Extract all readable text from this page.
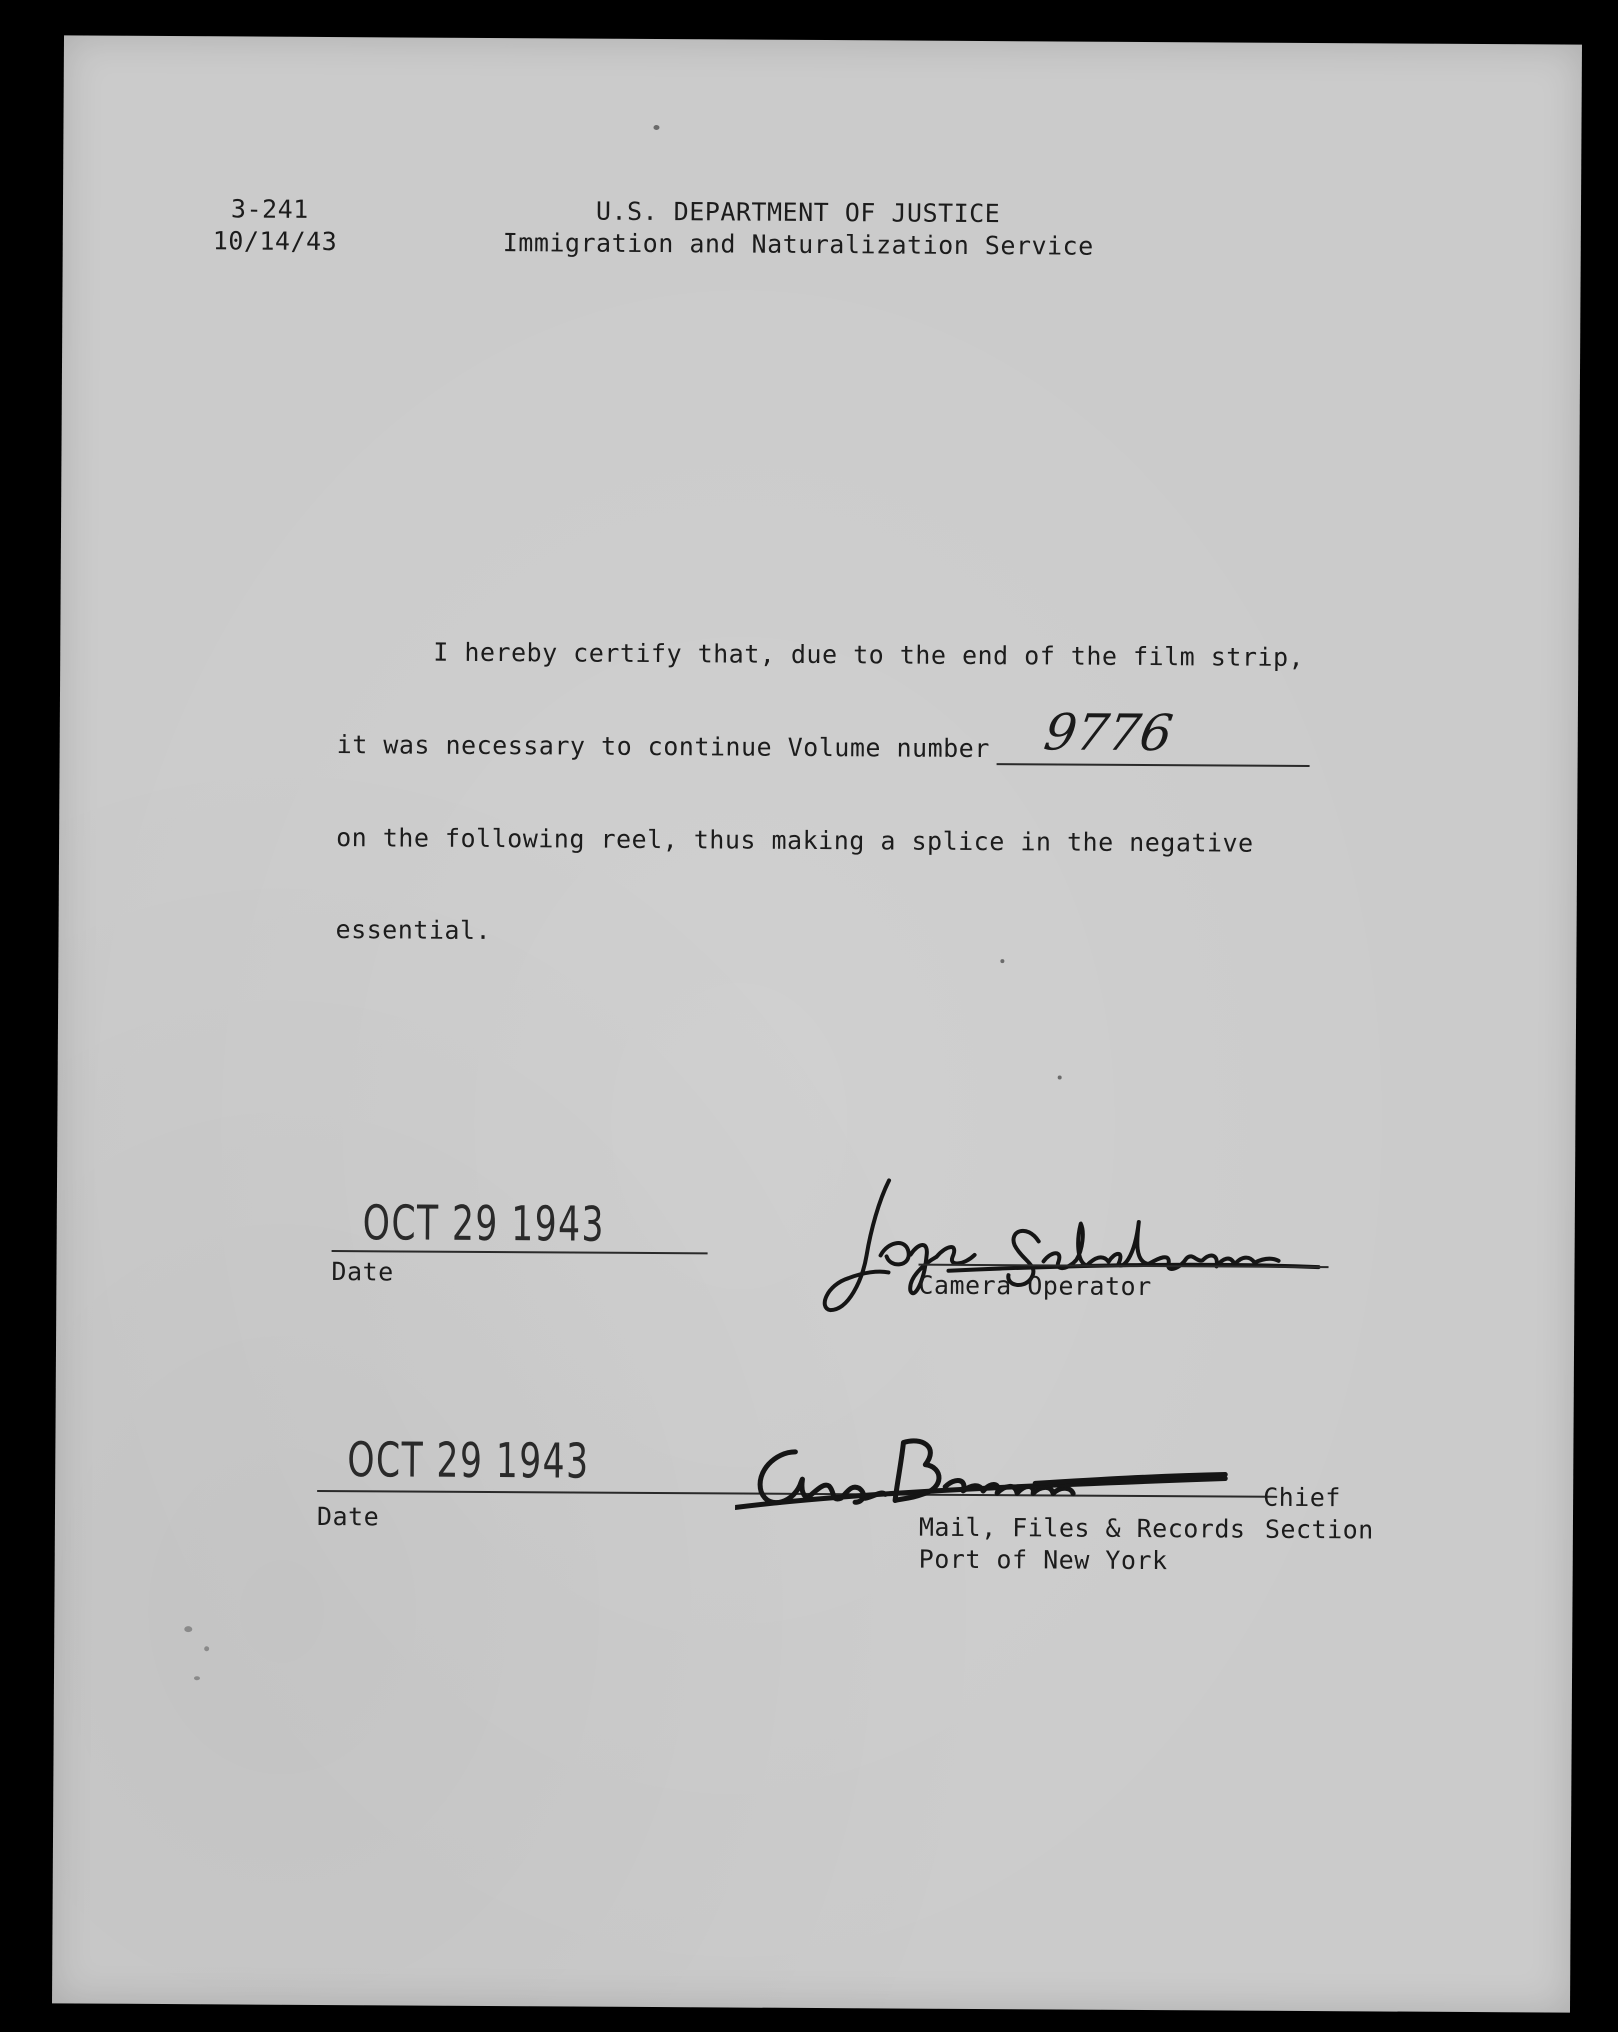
3-241
10/14/43
U.S. DEPARTMENT OF JUSTICE
Immigration and Naturalization Service
I hereby certify that, due to the end of the film strip,
it was necessary to continue Volume number 9776
on the following reel, thus making a splice in the negative
essential.
OCT 29 1943
Date	Camera Operator
OCT 29 1943
Date
Chief
Mail, Files & Records Section
Port of New York
